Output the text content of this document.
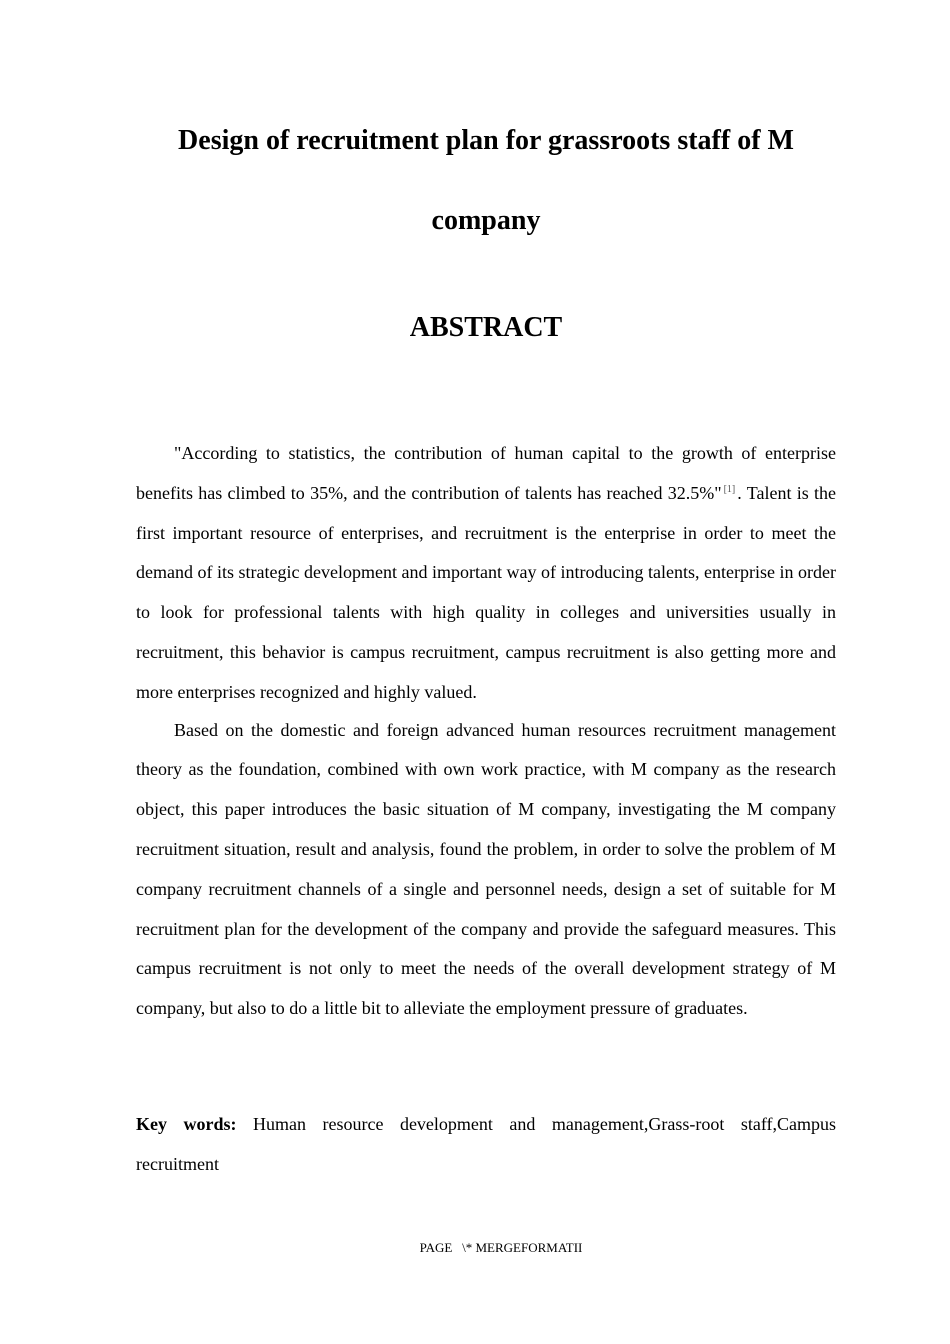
Design of recruitment plan for grassroots staff of M company
ABSTRACT

"According to statistics, the contribution of human capital to the growth of enterprise benefits has climbed to 35%, and the contribution of talents has reached 32.5%" [1] . Talent is the first important resource of enterprises, and recruitment is the enterprise in order to meet the demand of its strategic development and important way of introducing talents, enterprise in order to look for professional talents with high quality in colleges and universities usually in recruitment, this behavior is campus recruitment, campus recruitment is also getting more and more enterprises recognized and highly valued.

Based on the domestic and foreign advanced human resources recruitment management theory as the foundation, combined with own work practice, with M company as the research object, this paper introduces the basic situation of M company, investigating the M company recruitment situation, result and analysis, found the problem, in order to solve the problem of M company recruitment channels of a single and personnel needs, design a set of suitable for M recruitment plan for the development of the company and provide the safeguard measures. This campus recruitment is not only to meet the needs of the overall development strategy of M company, but also to do a little bit to alleviate the employment pressure of graduates.

Key words: Human resource development and management,Grass-root staff,Campus recruitment

PAGE   \* MERGEFORMATII
